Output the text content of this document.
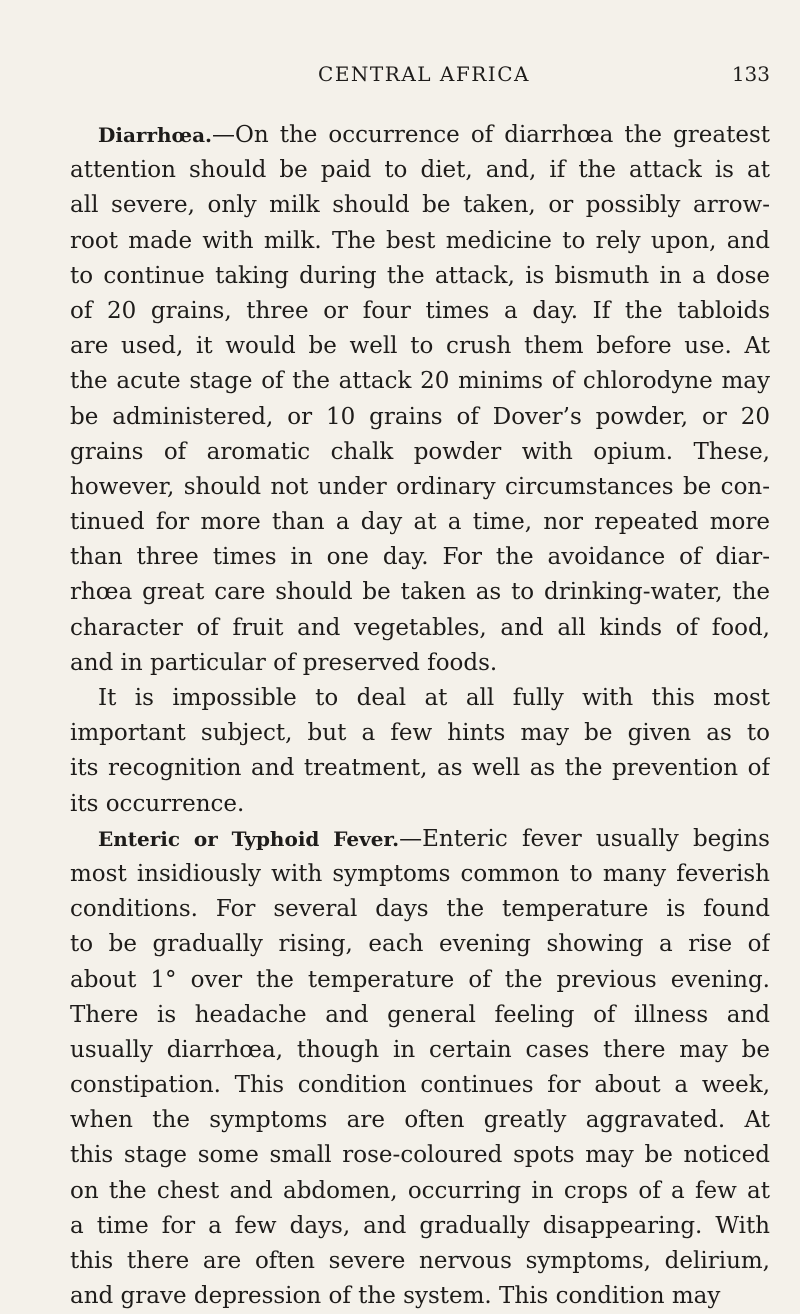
CENTRAL AFRICA	133
Diarrhœa.—On the occurrence of diarrhœa the greatest
attention should be paid to diet, and, if the attack is at
all severe, only milk should be taken, or possibly arrow-
root made with milk. The best medicine to rely upon, and
to continue taking during the attack, is bismuth in a dose
of 20 grains, three or four times a day. If the tabloids
are used, it would be well to crush them before use. At
the acute stage of the attack 20 minims of chlorodyne may
be administered, or 10 grains of Dover’s powder, or 20
grains of aromatic chalk powder with opium. These,
however, should not under ordinary circumstances be con-
tinued for more than a day at a time, nor repeated more
than three times in one day. For the avoidance of diar-
rhœa great care should be taken as to drinking-water, the
character of fruit and vegetables, and all kinds of food,
and in particular of preserved foods.
It is impossible to deal at all fully with this most
important subject, but a few hints may be given as to
its recognition and treatment, as well as the prevention of
its occurrence.
Enteric or Typhoid Fever.—Enteric fever usually begins
most insidiously with symptoms common to many feverish
conditions. For several days the temperature is found
to be gradually rising, each evening showing a rise of
about 1° over the temperature of the previous evening.
There is headache and general feeling of illness and
usually diarrhœa, though in certain cases there may be
constipation. This condition continues for about a week,
when the symptoms are often greatly aggravated. At
this stage some small rose-coloured spots may be noticed
on the chest and abdomen, occurring in crops of a few at
a time for a few days, and gradually disappearing. With
this there are often severe nervous symptoms, delirium,
and grave depression of the system. This condition may
